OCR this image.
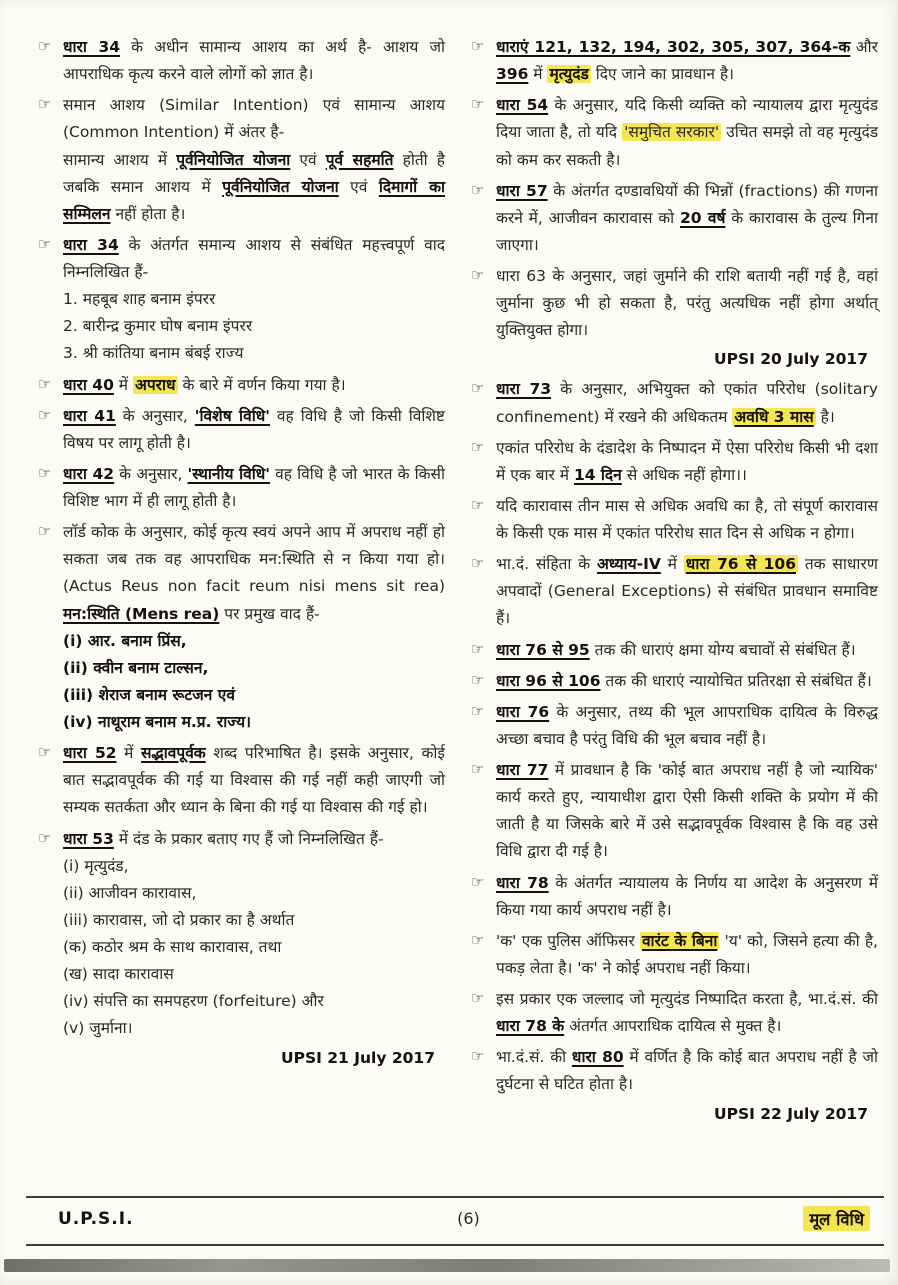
☞ धारा 34 के अधीन सामान्य आशय का अर्थ है- आशय जो आपराधिक कृत्य करने वाले लोगों को ज्ञात है।
☞ समान आशय (Similar Intention) एवं सामान्य आशय (Common Intention) में अंतर है-
सामान्य आशय में पूर्वनियोजित योजना एवं पूर्व सहमति होती है जबकि समान आशय में पूर्वनियोजित योजना एवं दिमागों का सम्मिलन नहीं होता है।
☞ धारा 34 के अंतर्गत समान्य आशय से संबंधित महत्त्वपूर्ण वाद निम्नलिखित हैं-
1. महबूब शाह बनाम इंपरर
2. बारीन्द्र कुमार घोष बनाम इंपरर
3. श्री कांतिया बनाम बंबई राज्य
☞ धारा 40 में अपराध के बारे में वर्णन किया गया है।
☞ धारा 41 के अनुसार, 'विशेष विधि' वह विधि है जो किसी विशिष्ट विषय पर लागू होती है।
☞ धारा 42 के अनुसार, 'स्थानीय विधि' वह विधि है जो भारत के किसी विशिष्ट भाग में ही लागू होती है।
☞ लॉर्ड कोक के अनुसार, कोई कृत्य स्वयं अपने आप में अपराध नहीं हो सकता जब तक वह आपराधिक मन:स्थिति से न किया गया हो। (Actus Reus non facit reum nisi mens sit rea) मन:स्थिति (Mens rea) पर प्रमुख वाद हैं-
(i) आर. बनाम प्रिंस,
(ii) क्वीन बनाम टाल्सन,
(iii) शेराज बनाम रूटजन एवं
(iv) नाथूराम बनाम म.प्र. राज्य।
☞ धारा 52 में सद्भावपूर्वक शब्द परिभाषित है। इसके अनुसार, कोई बात सद्भावपूर्वक की गई या विश्वास की गई नहीं कही जाएगी जो सम्यक सतर्कता और ध्यान के बिना की गई या विश्वास की गई हो।
☞ धारा 53 में दंड के प्रकार बताए गए हैं जो निम्नलिखित हैं-
(i) मृत्युदंड,
(ii) आजीवन कारावास,
(iii) कारावास, जो दो प्रकार का है अर्थात
(क) कठोर श्रम के साथ कारावास, तथा
(ख) सादा कारावास
(iv) संपत्ति का समपहरण (forfeiture) और
(v) जुर्माना।
UPSI 21 July 2017
☞ धाराएं 121, 132, 194, 302, 305, 307, 364-क और 396 में मृत्युदंड दिए जाने का प्रावधान है।
☞ धारा 54 के अनुसार, यदि किसी व्यक्ति को न्यायालय द्वारा मृत्युदंड दिया जाता है, तो यदि 'समुचित सरकार' उचित समझे तो वह मृत्युदंड को कम कर सकती है।
☞ धारा 57 के अंतर्गत दण्डावधियों की भिन्नों (fractions) की गणना करने में, आजीवन कारावास को 20 वर्ष के कारावास के तुल्य गिना जाएगा।
☞ धारा 63 के अनुसार, जहां जुर्माने की राशि बतायी नहीं गई है, वहां जुर्माना कुछ भी हो सकता है, परंतु अत्यधिक नहीं होगा अर्थात् युक्तियुक्त होगा।
UPSI 20 July 2017
☞ धारा 73 के अनुसार, अभियुक्त को एकांत परिरोध (solitary confinement) में रखने की अधिकतम अवधि 3 मास है।
☞ एकांत परिरोध के दंडादेश के निष्पादन में ऐसा परिरोध किसी भी दशा में एक बार में 14 दिन से अधिक नहीं होगा।।
☞ यदि कारावास तीन मास से अधिक अवधि का है, तो संपूर्ण कारावास के किसी एक मास में एकांत परिरोध सात दिन से अधिक न होगा।
☞ भा.दं. संहिता के अध्याय-IV में धारा 76 से 106 तक साधारण अपवादों (General Exceptions) से संबंधित प्रावधान समाविष्ट हैं।
☞ धारा 76 से 95 तक की धाराएं क्षमा योग्य बचावों से संबंधित हैं।
☞ धारा 96 से 106 तक की धाराएं न्यायोचित प्रतिरक्षा से संबंधित हैं।
☞ धारा 76 के अनुसार, तथ्य की भूल आपराधिक दायित्व के विरुद्ध अच्छा बचाव है परंतु विधि की भूल बचाव नहीं है।
☞ धारा 77 में प्रावधान है कि 'कोई बात अपराध नहीं है जो न्यायिक' कार्य करते हुए, न्यायाधीश द्वारा ऐसी किसी शक्ति के प्रयोग में की जाती है या जिसके बारे में उसे सद्भावपूर्वक विश्वास है कि वह उसे विधि द्वारा दी गई है।
☞ धारा 78 के अंतर्गत न्यायालय के निर्णय या आदेश के अनुसरण में किया गया कार्य अपराध नहीं है।
☞ 'क' एक पुलिस ऑफिसर वारंट के बिना 'य' को, जिसने हत्या की है, पकड़ लेता है। 'क' ने कोई अपराध नहीं किया।
☞ इस प्रकार एक जल्लाद जो मृत्युदंड निष्पादित करता है, भा.दं.सं. की धारा 78 के अंतर्गत आपराधिक दायित्व से मुक्त है।
☞ भा.दं.सं. की धारा 80 में वर्णित है कि कोई बात अपराध नहीं है जो दुर्घटना से घटित होता है।
UPSI 22 July 2017
U.P.S.I.	(6)	मूल विधि
